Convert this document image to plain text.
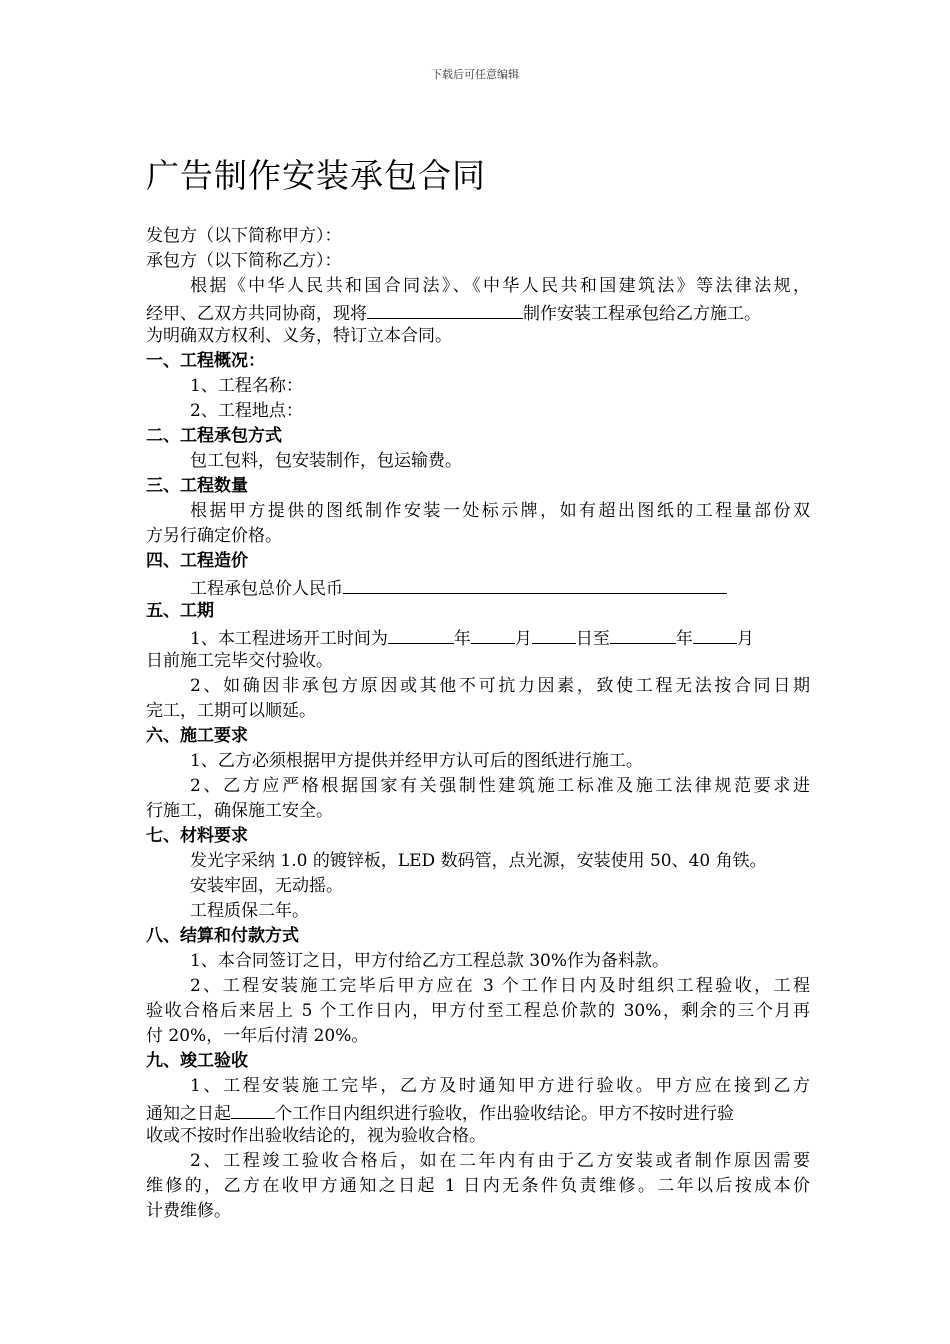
下载后可任意编辑
广告制作安装承包合同
发包方（以下简称甲方）：
承包方（以下简称乙方）：
根据《中华人民共和国合同法》、《中华人民共和国建筑法》等法律法规，
经甲、乙双方共同协商，现将	制作安装工程承包给乙方施工。
为明确双方权利、义务，特订立本合同。
一、工程概况：
1、工程名称：
2、工程地点：
二、工程承包方式
包工包料，包安装制作，包运输费。
三、工程数量
根据甲方提供的图纸制作安装一处标示牌，如有超出图纸的工程量部份双
方另行确定价格。
四、工程造价
工程承包总价人民币
五、工期
1、本工程进场开工时间为	年	月	日至	年	月
日前施工完毕交付验收。
2、如确因非承包方原因或其他不可抗力因素，致使工程无法按合同日期
完工，工期可以顺延。
六、施工要求
1、乙方必须根据甲方提供并经甲方认可后的图纸进行施工。
2、乙方应严格根据国家有关强制性建筑施工标准及施工法律规范要求进
行施工，确保施工安全。
七、材料要求
发光字采纳 1.0 的镀锌板，LED 数码管，点光源，安装使用 50、40 角铁。
安装牢固，无动摇。
工程质保二年。
八、结算和付款方式
1、本合同签订之日，甲方付给乙方工程总款 30%作为备料款。
2、工程安装施工完毕后甲方应在 3 个工作日内及时组织工程验收，工程
验收合格后来居上 5 个工作日内，甲方付至工程总价款的 30%，剩余的三个月再
付 20%，一年后付清 20%。
九、竣工验收
1、工程安装施工完毕，乙方及时通知甲方进行验收。甲方应在接到乙方
通知之日起	个工作日内组织进行验收，作出验收结论。甲方不按时进行验
收或不按时作出验收结论的，视为验收合格。
2、工程竣工验收合格后，如在二年内有由于乙方安装或者制作原因需要
维修的，乙方在收甲方通知之日起 1 日内无条件负责维修。二年以后按成本价
计费维修。
